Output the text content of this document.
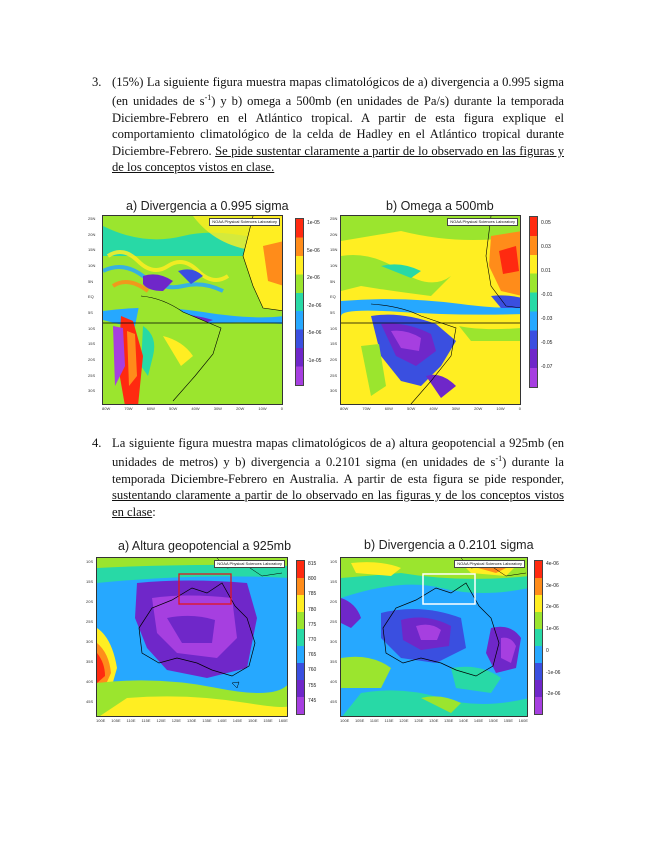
3. (15%) La siguiente figura muestra mapas climatológicos de a) divergencia a 0.995 sigma (en unidades de $s^{-1}$) y b) omega a 500mb (en unidades de Pa/s) durante la temporada Diciembre-Febrero en el Atlántico tropical. A partir de esta figura explique el comportamiento climatológico de la celda de Hadley en el Atlántico tropical durante Diciembre-Febrero. Se pide sustentar claramente a partir de lo observado en las figuras y de los conceptos vistos en clase.
a) Divergencia a 0.995 sigma
25N
20N
15N
10N
5N
EQ
5S
10S
15S
20S
25S
30S
NOAA Physical Sciences Laboratory
80W	70W	60W	50W	40W	30W	20W	10W	0
1e-05
5e-06
2e-06
-2e-06
-5e-06
-1e-05
b) Omega a 500mb
25N
20N
15N
10N
5N
EQ
5S
10S
15S
20S
25S
30S
NOAA Physical Sciences Laboratory
80W	70W	60W	50W	40W	30W	20W	10W	0
0.05
0.03
0.01
-0.01
-0.03
-0.05
-0.07
4. La siguiente figura muestra mapas climatológicos de a) altura geopotencial a 925mb (en unidades de metros) y b) divergencia a 0.2101 sigma (en unidades de $s^{-1}$) durante la temporada Diciembre-Febrero en Australia. A partir de esta figura se pide responder, sustentando claramente a partir de lo observado en las figuras y de los conceptos vistos en clase:
a) Altura geopotencial a 925mb
10S
15S
20S
25S
30S
35S
40S
45S
NOAA Physical Sciences Laboratory
100E 105E 110E 115E 120E 125E 130E 135E 140E 145E 150E 155E 160E
815
800
785
780
775
770
765
760
755
745
b) Divergencia a 0.2101 sigma
10S
15S
20S
25S
30S
35S
40S
45S
NOAA Physical Sciences Laboratory
100E 105E 110E 115E 120E 125E 130E 135E 140E 145E 150E 155E 160E
4e-06
3e-06
2e-06
1e-06
0
-1e-06
-2e-06
